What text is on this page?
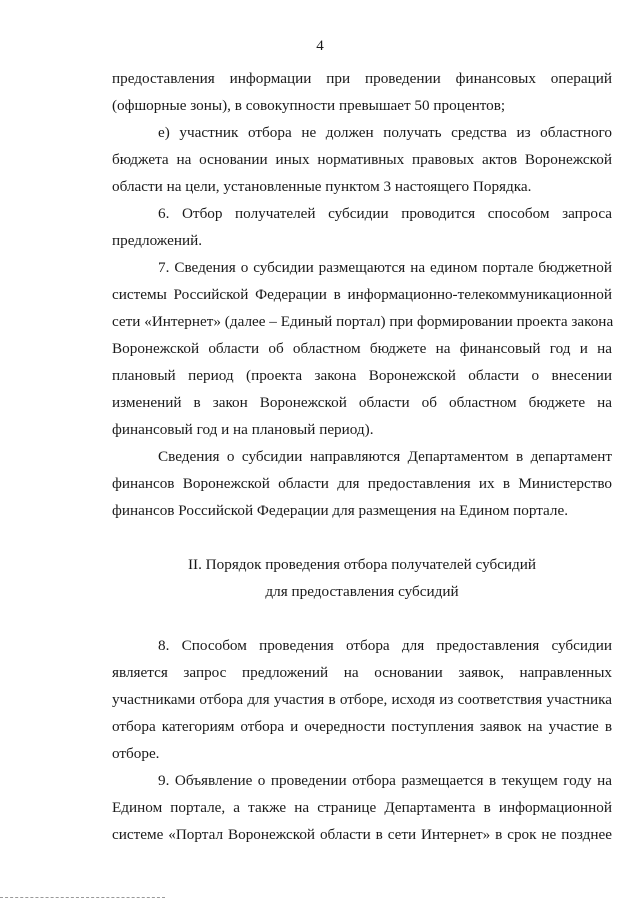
4
предоставления информации при проведении финансовых операций
(офшорные зоны), в совокупности превышает 50 процентов;
е) участник отбора не должен получать средства из областного
бюджета на основании иных нормативных правовых актов Воронежской
области на цели, установленные пунктом 3 настоящего Порядка.
6. Отбор получателей субсидии проводится способом запроса
предложений.
7. Сведения о субсидии размещаются на едином портале бюджетной
системы Российской Федерации в информационно-телекоммуникационной
сети «Интернет» (далее – Единый портал) при формировании проекта закона
Воронежской области об областном бюджете на финансовый год и на
плановый период (проекта закона Воронежской области о внесении
изменений в закон Воронежской области об областном бюджете на
финансовый год и на плановый период).
Сведения о субсидии направляются Департаментом в департамент
финансов Воронежской области для предоставления их в Министерство
финансов Российской Федерации для размещения на Едином портале.
II. Порядок проведения отбора получателей субсидий
для предоставления субсидий
8. Способом проведения отбора для предоставления субсидии
является запрос предложений на основании заявок, направленных
участниками отбора для участия в отборе, исходя из соответствия участника
отбора категориям отбора и очередности поступления заявок на участие в
отборе.
9. Объявление о проведении отбора размещается в текущем году на
Едином портале, а также на странице Департамента в информационной
системе «Портал Воронежской области в сети Интернет» в срок не позднее
